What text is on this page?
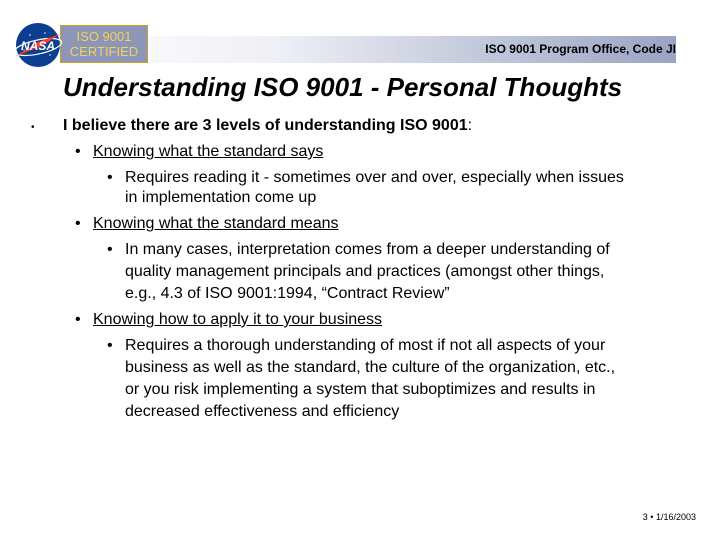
ISO 9001 Program Office, Code JI
ISO 9001
CERTIFIED
NASA
Understanding ISO 9001 - Personal Thoughts
• I believe there are 3 levels of understanding ISO 9001:
• Knowing what the standard says
• Requires reading it - sometimes over and over, especially when issues
in implementation come up
• Knowing what the standard means
• In many cases, interpretation comes from a deeper understanding of
quality management principals and practices (amongst other things,
e.g., 4.3 of ISO 9001:1994, “Contract Review”
• Knowing how to apply it to your business
• Requires a thorough understanding of most if not all aspects of your
business as well as the standard, the culture of the organization, etc.,
or you risk implementing a system that suboptimizes and results in
decreased effectiveness and efficiency
3 • 1/16/2003
